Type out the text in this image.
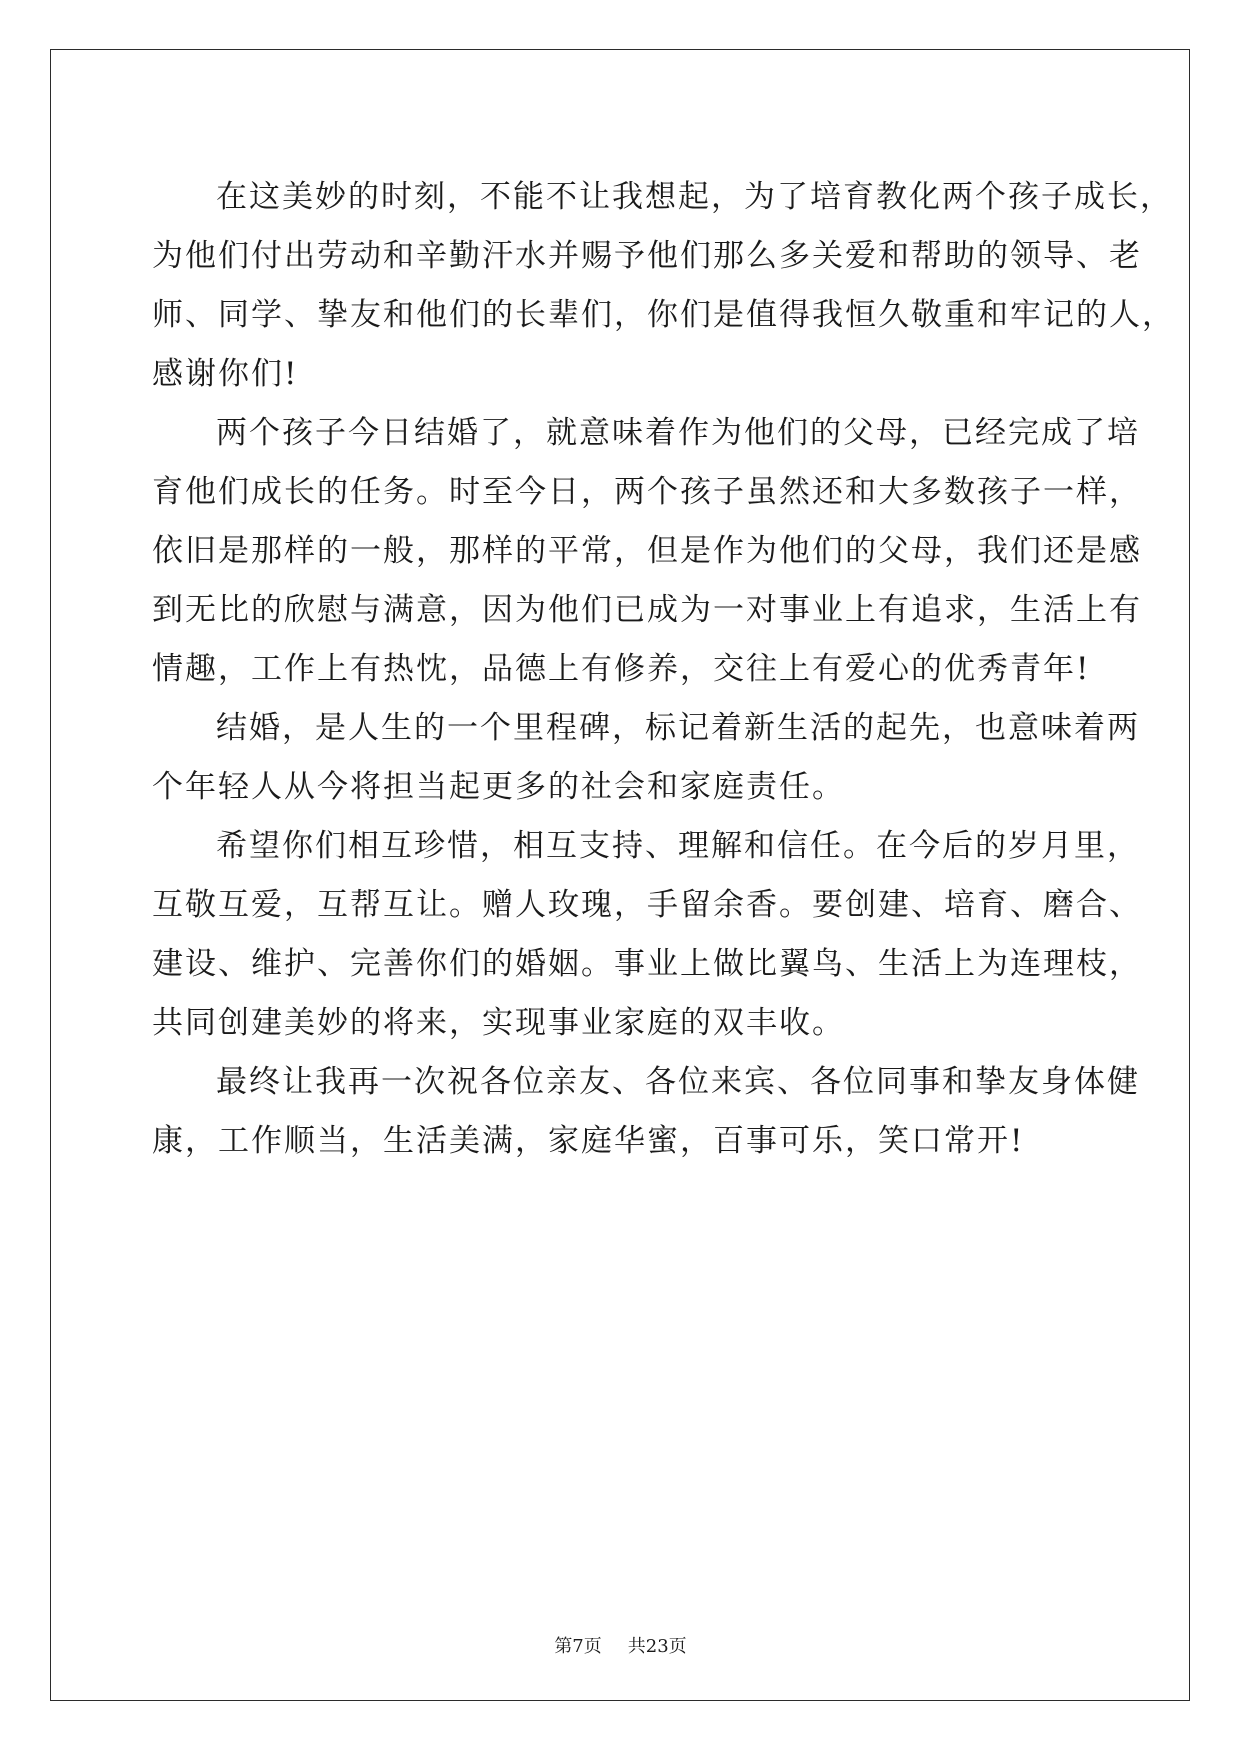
在这美妙的时刻，不能不让我想起，为了培育教化两个孩子成长，

为他们付出劳动和辛勤汗水并赐予他们那么多关爱和帮助的领导、老

师、同学、挚友和他们的长辈们，你们是值得我恒久敬重和牢记的人，

感谢你们!

两个孩子今日结婚了，就意味着作为他们的父母，已经完成了培

育他们成长的任务。时至今日，两个孩子虽然还和大多数孩子一样，

依旧是那样的一般，那样的平常，但是作为他们的父母，我们还是感

到无比的欣慰与满意，因为他们已成为一对事业上有追求，生活上有

情趣，工作上有热忱，品德上有修养，交往上有爱心的优秀青年!

结婚，是人生的一个里程碑，标记着新生活的起先，也意味着两

个年轻人从今将担当起更多的社会和家庭责任。

希望你们相互珍惜，相互支持、理解和信任。在今后的岁月里，

互敬互爱，互帮互让。赠人玫瑰，手留余香。要创建、培育、磨合、

建设、维护、完善你们的婚姻。事业上做比翼鸟、生活上为连理枝，

共同创建美妙的将来，实现事业家庭的双丰收。

最终让我再一次祝各位亲友、各位来宾、各位同事和挚友身体健

康，工作顺当，生活美满，家庭华蜜，百事可乐，笑口常开!

第7页 共23页
